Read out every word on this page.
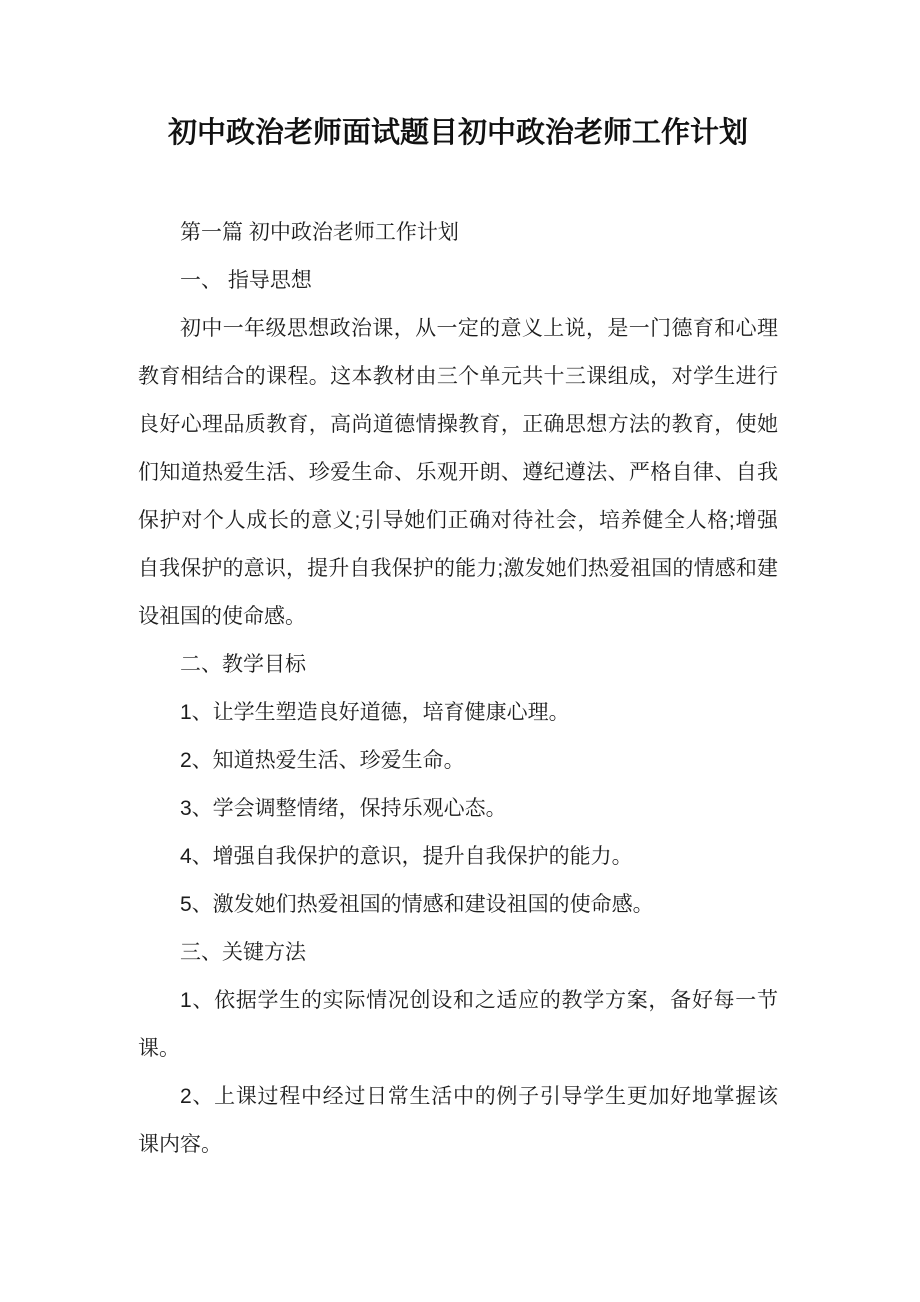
初中政治老师面试题目初中政治老师工作计划

第一篇 初中政治老师工作计划

一、 指导思想

初中一年级思想政治课，从一定的意义上说，是一门德育和心理教育相结合的课程。这本教材由三个单元共十三课组成，对学生进行良好心理品质教育，高尚道德情操教育，正确思想方法的教育，使她们知道热爱生活、珍爱生命、乐观开朗、遵纪遵法、严格自律、自我保护对个人成长的意义;引导她们正确对待社会，培养健全人格;增强自我保护的意识，提升自我保护的能力;激发她们热爱祖国的情感和建设祖国的使命感。

二、教学目标

1、让学生塑造良好道德，培育健康心理。

2、知道热爱生活、珍爱生命。

3、学会调整情绪，保持乐观心态。

4、增强自我保护的意识，提升自我保护的能力。

5、激发她们热爱祖国的情感和建设祖国的使命感。

三、关键方法

1、依据学生的实际情况创设和之适应的教学方案，备好每一节课。

2、上课过程中经过日常生活中的例子引导学生更加好地掌握该课内容。
